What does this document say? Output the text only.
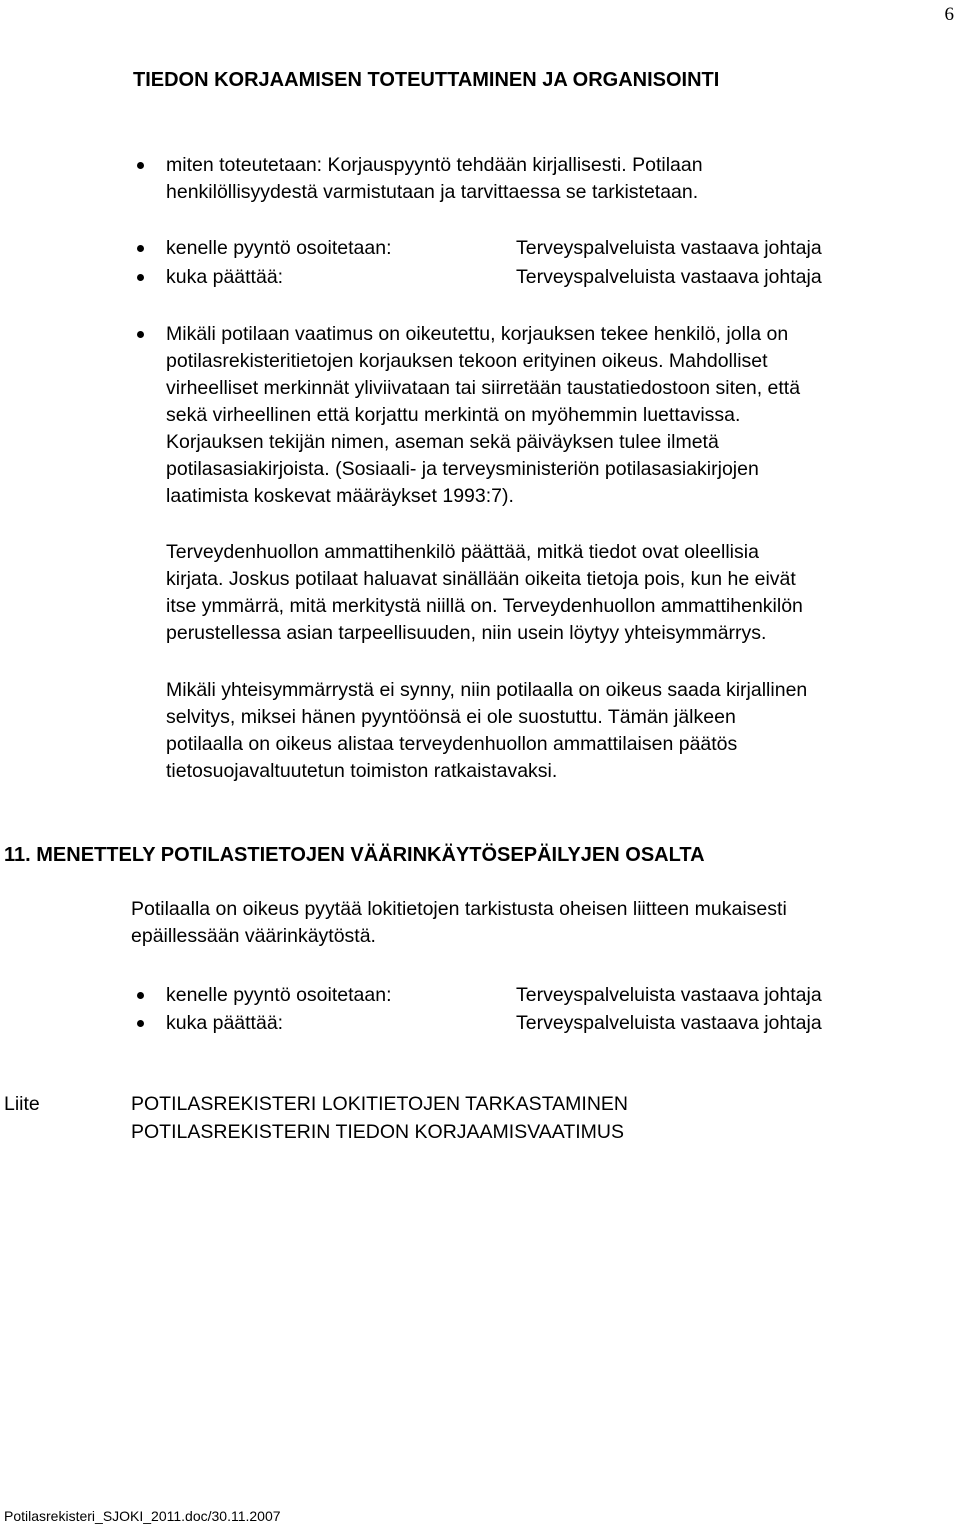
6
TIEDON KORJAAMISEN TOTEUTTAMINEN JA ORGANISOINTI
miten toteutetaan: Korjauspyyntö tehdään kirjallisesti. Potilaan
henkilöllisyydestä varmistutaan ja tarvittaessa se tarkistetaan.
kenelle pyyntö osoitetaan:	Terveyspalveluista vastaava johtaja
kuka päättää:	Terveyspalveluista vastaava johtaja
Mikäli potilaan vaatimus on oikeutettu, korjauksen tekee henkilö, jolla on
potilasrekisteritietojen korjauksen tekoon erityinen oikeus. Mahdolliset
virheelliset merkinnät yliviivataan tai siirretään taustatiedostoon siten, että
sekä virheellinen että korjattu merkintä on myöhemmin luettavissa.
Korjauksen tekijän nimen, aseman sekä päiväyksen tulee ilmetä
potilasasiakirjoista. (Sosiaali- ja terveysministeriön potilasasiakirjojen
laatimista koskevat määräykset 1993:7).
Terveydenhuollon ammattihenkilö päättää, mitkä tiedot ovat oleellisia
kirjata. Joskus potilaat haluavat sinällään oikeita tietoja pois, kun he eivät
itse ymmärrä, mitä merkitystä niillä on. Terveydenhuollon ammattihenkilön
perustellessa asian tarpeellisuuden, niin usein löytyy yhteisymmärrys.
Mikäli yhteisymmärrystä ei synny, niin potilaalla on oikeus saada kirjallinen
selvitys, miksei hänen pyyntöönsä ei ole suostuttu. Tämän jälkeen
potilaalla on oikeus alistaa terveydenhuollon ammattilaisen päätös
tietosuojavaltuutetun toimiston ratkaistavaksi.
11. MENETTELY POTILASTIETOJEN VÄÄRINKÄYTÖSEPÄILYJEN OSALTA
Potilaalla on oikeus pyytää lokitietojen tarkistusta oheisen liitteen mukaisesti
epäillessään väärinkäytöstä.
kenelle pyyntö osoitetaan:	Terveyspalveluista vastaava johtaja
kuka päättää:	Terveyspalveluista vastaava johtaja
Liite	POTILASREKISTERI LOKITIETOJEN TARKASTAMINEN
POTILASREKISTERIN TIEDON KORJAAMISVAATIMUS
Potilasrekisteri_SJOKI_2011.doc/30.11.2007
